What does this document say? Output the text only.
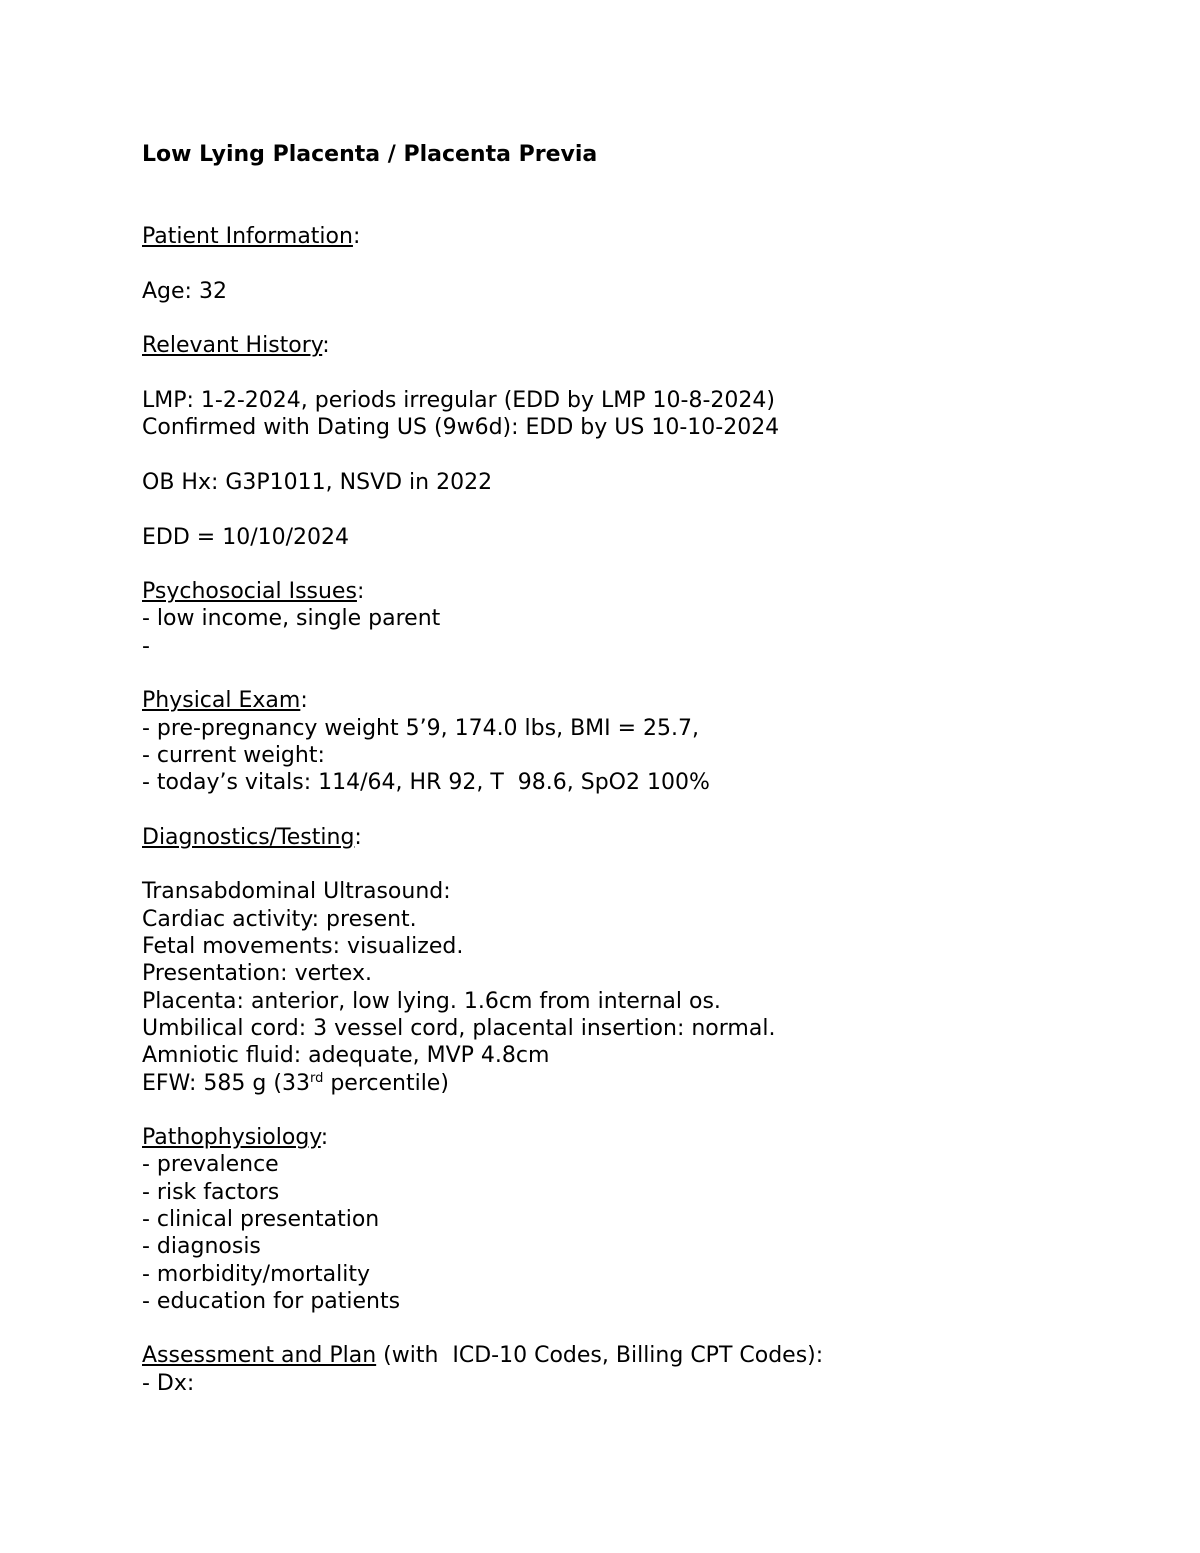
Low Lying Placenta / Placenta Previa
Patient Information:
Age: 32
Relevant History:
LMP: 1-2-2024, periods irregular (EDD by LMP 10-8-2024)
Confirmed with Dating US (9w6d): EDD by US 10-10-2024
OB Hx: G3P1011, NSVD in 2022
EDD = 10/10/2024
Psychosocial Issues:
- low income, single parent
-
Physical Exam:
- pre-pregnancy weight 5’9, 174.0 lbs, BMI = 25.7,
- current weight:
- today’s vitals: 114/64, HR 92, T  98.6, SpO2 100%
Diagnostics/Testing:
Transabdominal Ultrasound:
Cardiac activity: present.
Fetal movements: visualized.
Presentation: vertex.
Placenta: anterior, low lying. 1.6cm from internal os.
Umbilical cord: 3 vessel cord, placental insertion: normal.
Amniotic fluid: adequate, MVP 4.8cm
EFW: 585 g (33rd percentile)
Pathophysiology:
- prevalence
- risk factors
- clinical presentation
- diagnosis
- morbidity/mortality
- education for patients
Assessment and Plan (with  ICD-10 Codes, Billing CPT Codes):
- Dx:
